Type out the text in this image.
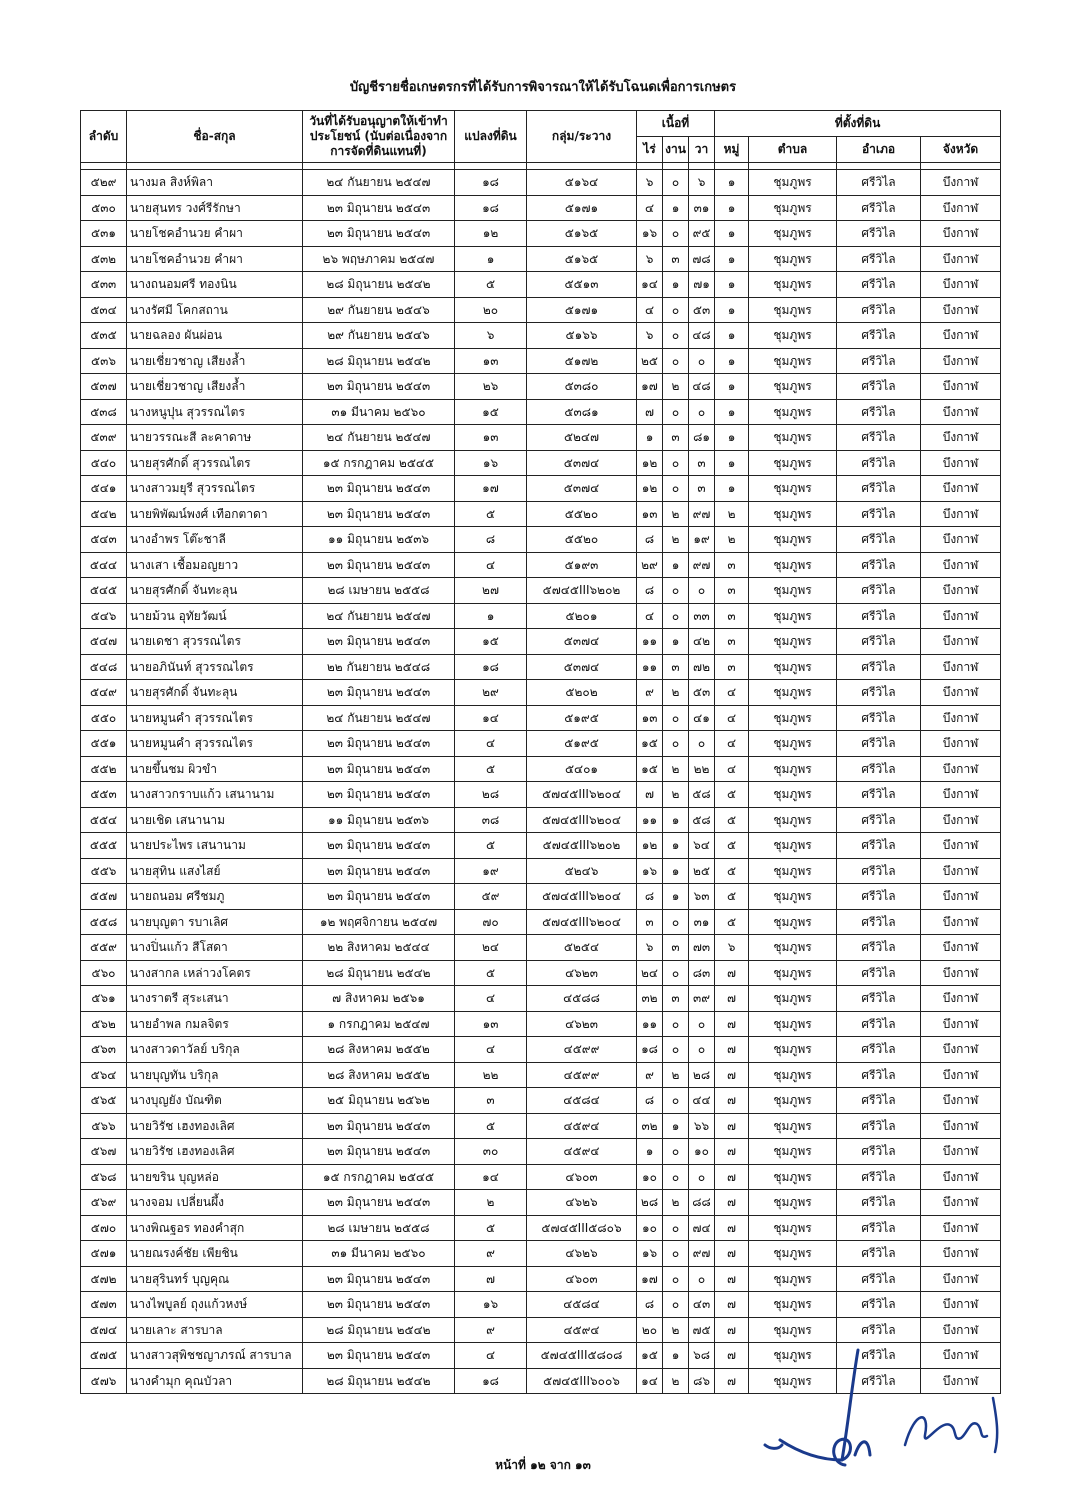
บัญชีรายชื่อเกษตรกรที่ได้รับการพิจารณาให้ได้รับโฉนดเพื่อการเกษตร
ลำดับ	ชื่อ-สกุล	วันที่ได้รับอนุญาตให้เข้าทำประโยชน์ (นับต่อเนื่องจากการจัดที่ดินแทนที่)	แปลงที่ดิน	กลุ่ม/ระวาง	เนื้อที่			ที่ตั้งที่ดิน			
					ไร่	งาน	วา	หมู่	ตำบล	อำเภอ	จังหวัด

๕๒๙	นางมล สิงห์พิลา	๒๔ กันยายน ๒๕๔๗	๑๘	๕๑๖๔	๖	๐	๖	๑	ชุมภูพร	ศรีวิไล	บึงกาฬ
๕๓๐	นายสุนทร วงศ์รีรักษา	๒๓ มิถุนายน ๒๕๔๓	๑๘	๕๑๗๑	๔	๑	๓๑	๑	ชุมภูพร	ศรีวิไล	บึงกาฬ
๕๓๑	นายโชคอำนวย คำผา	๒๓ มิถุนายน ๒๕๔๓	๑๒	๕๑๖๕	๑๖	๐	๙๕	๑	ชุมภูพร	ศรีวิไล	บึงกาฬ
๕๓๒	นายโชคอำนวย คำผา	๒๖ พฤษภาคม ๒๕๔๗	๑	๕๑๖๕	๖	๓	๗๘	๑	ชุมภูพร	ศรีวิไล	บึงกาฬ
๕๓๓	นางถนอมศรี ทองนิน	๒๘ มิถุนายน ๒๕๔๒	๕	๕๕๑๓	๑๔	๑	๗๑	๑	ชุมภูพร	ศรีวิไล	บึงกาฬ
๕๓๔	นางรัศมี โคกสถาน	๒๙ กันยายน ๒๕๔๖	๒๐	๕๑๗๑	๔	๐	๕๓	๑	ชุมภูพร	ศรีวิไล	บึงกาฬ
๕๓๕	นายฉลอง ผันผ่อน	๒๙ กันยายน ๒๕๔๖	๖	๕๑๖๖	๖	๐	๔๘	๑	ชุมภูพร	ศรีวิไล	บึงกาฬ
๕๓๖	นายเชี่ยวชาญ เสียงล้ำ	๒๘ มิถุนายน ๒๕๔๒	๑๓	๕๑๗๒	๒๕	๐	๐	๑	ชุมภูพร	ศรีวิไล	บึงกาฬ
๕๓๗	นายเชี่ยวชาญ เสียงล้ำ	๒๓ มิถุนายน ๒๕๔๓	๒๖	๕๓๘๐	๑๗	๒	๔๘	๑	ชุมภูพร	ศรีวิไล	บึงกาฬ
๕๓๘	นางหนูปุน สุวรรณไตร	๓๑ มีนาคม ๒๕๖๐	๑๕	๕๓๘๑	๗	๐	๐	๑	ชุมภูพร	ศรีวิไล	บึงกาฬ
๕๓๙	นายวรรณะสี ละคาดาษ	๒๔ กันยายน ๒๕๔๗	๑๓	๕๒๔๗	๑	๓	๘๑	๑	ชุมภูพร	ศรีวิไล	บึงกาฬ
๕๔๐	นายสุรศักดิ์ สุวรรณไตร	๑๕ กรกฎาคม ๒๕๔๕	๑๖	๕๓๗๔	๑๒	๐	๓	๑	ชุมภูพร	ศรีวิไล	บึงกาฬ
๕๔๑	นางสาวมยุรี สุวรรณไตร	๒๓ มิถุนายน ๒๕๔๓	๑๗	๕๓๗๔	๑๒	๐	๓	๑	ชุมภูพร	ศรีวิไล	บึงกาฬ
๕๔๒	นายพิพัฒน์พงศ์ เทือกตาดา	๒๓ มิถุนายน ๒๕๔๓	๕	๕๕๒๐	๑๓	๒	๙๗	๒	ชุมภูพร	ศรีวิไล	บึงกาฬ
๕๔๓	นางอำพร โต๊ะชาลี	๑๑ มิถุนายน ๒๕๓๖	๘	๕๕๒๐	๘	๒	๑๙	๒	ชุมภูพร	ศรีวิไล	บึงกาฬ
๕๔๔	นางเสา เชื้อมอญยาว	๒๓ มิถุนายน ๒๕๔๓	๔	๕๑๙๓	๒๙	๑	๙๗	๓	ชุมภูพร	ศรีวิไล	บึงกาฬ
๕๔๕	นายสุรศักดิ์ จันทะลุน	๒๘ เมษายน ๒๕๕๘	๒๗	๕๗๔๕III๖๒๐๒	๘	๐	๐	๓	ชุมภูพร	ศรีวิไล	บึงกาฬ
๕๔๖	นายม้วน อุทัยวัฒน์	๒๔ กันยายน ๒๕๔๗	๑	๕๒๐๑	๔	๐	๓๓	๓	ชุมภูพร	ศรีวิไล	บึงกาฬ
๕๔๗	นายเดชา สุวรรณไตร	๒๓ มิถุนายน ๒๕๔๓	๑๕	๕๓๗๔	๑๑	๑	๔๒	๓	ชุมภูพร	ศรีวิไล	บึงกาฬ
๕๔๘	นายอภินันท์ สุวรรณไตร	๒๒ กันยายน ๒๕๔๘	๑๘	๕๓๗๔	๑๑	๓	๗๒	๓	ชุมภูพร	ศรีวิไล	บึงกาฬ
๕๔๙	นายสุรศักดิ์ จันทะลุน	๒๓ มิถุนายน ๒๕๔๓	๒๙	๕๒๐๒	๙	๒	๕๓	๔	ชุมภูพร	ศรีวิไล	บึงกาฬ
๕๕๐	นายหมูนคำ สุวรรณไตร	๒๔ กันยายน ๒๕๔๗	๑๔	๕๑๙๕	๑๓	๐	๔๑	๔	ชุมภูพร	ศรีวิไล	บึงกาฬ
๕๕๑	นายหมูนคำ สุวรรณไตร	๒๓ มิถุนายน ๒๕๔๓	๔	๕๑๙๕	๑๕	๐	๐	๔	ชุมภูพร	ศรีวิไล	บึงกาฬ
๕๕๒	นายขึ้นชม ผิวขำ	๒๓ มิถุนายน ๒๕๔๓	๕	๕๔๐๑	๑๕	๒	๒๒	๔	ชุมภูพร	ศรีวิไล	บึงกาฬ
๕๕๓	นางสาวกราบแก้ว เสนานาม	๒๓ มิถุนายน ๒๕๔๓	๒๘	๕๗๔๕III๖๒๐๔	๗	๒	๕๘	๕	ชุมภูพร	ศรีวิไล	บึงกาฬ
๕๕๔	นายเชิด เสนานาม	๑๑ มิถุนายน ๒๕๓๖	๓๘	๕๗๔๕III๖๒๐๔	๑๑	๑	๕๘	๕	ชุมภูพร	ศรีวิไล	บึงกาฬ
๕๕๕	นายประไพร เสนานาม	๒๓ มิถุนายน ๒๕๔๓	๕	๕๗๔๕III๖๒๐๒	๑๒	๑	๖๔	๕	ชุมภูพร	ศรีวิไล	บึงกาฬ
๕๕๖	นายสุทิน แสงไสย์	๒๓ มิถุนายน ๒๕๔๓	๑๙	๕๒๔๖	๑๖	๑	๒๕	๕	ชุมภูพร	ศรีวิไล	บึงกาฬ
๕๕๗	นายถนอม ศรีชมภู	๒๓ มิถุนายน ๒๕๔๓	๕๙	๕๗๔๕III๖๒๐๔	๘	๑	๖๓	๕	ชุมภูพร	ศรีวิไล	บึงกาฬ
๕๕๘	นายบุญตา รบาเลิศ	๑๒ พฤศจิกายน ๒๕๔๗	๗๐	๕๗๔๕III๖๒๐๔	๓	๐	๓๑	๕	ชุมภูพร	ศรีวิไล	บึงกาฬ
๕๕๙	นางปิ่นแก้ว สีโสดา	๒๒ สิงหาคม ๒๕๔๔	๒๔	๕๒๕๔	๖	๓	๗๓	๖	ชุมภูพร	ศรีวิไล	บึงกาฬ
๕๖๐	นางสากล เหล่าวงโคตร	๒๘ มิถุนายน ๒๕๔๒	๕	๔๖๒๓	๒๔	๐	๘๓	๗	ชุมภูพร	ศรีวิไล	บึงกาฬ
๕๖๑	นางราตรี สุระเสนา	๗ สิงหาคม ๒๕๖๑	๔	๔๕๘๘	๓๒	๓	๓๙	๗	ชุมภูพร	ศรีวิไล	บึงกาฬ
๕๖๒	นายอำพล กมลจิตร	๑ กรกฎาคม ๒๕๔๗	๑๓	๔๖๒๓	๑๑	๐	๐	๗	ชุมภูพร	ศรีวิไล	บึงกาฬ
๕๖๓	นางสาวดาวัลย์ บริกุล	๒๘ สิงหาคม ๒๕๕๒	๔	๔๕๙๙	๑๘	๐	๐	๗	ชุมภูพร	ศรีวิไล	บึงกาฬ
๕๖๔	นายบุญทัน บริกุล	๒๘ สิงหาคม ๒๕๕๒	๒๒	๔๕๙๙	๙	๒	๒๘	๗	ชุมภูพร	ศรีวิไล	บึงกาฬ
๕๖๕	นางบุญยัง บัณฑิต	๒๕ มิถุนายน ๒๕๖๒	๓	๔๕๘๔	๘	๐	๔๔	๗	ชุมภูพร	ศรีวิไล	บึงกาฬ
๕๖๖	นายวิรัช เฮงทองเลิศ	๒๓ มิถุนายน ๒๕๔๓	๕	๔๕๙๔	๓๒	๑	๖๖	๗	ชุมภูพร	ศรีวิไล	บึงกาฬ
๕๖๗	นายวิรัช เฮงทองเลิศ	๒๓ มิถุนายน ๒๕๔๓	๓๐	๔๕๙๔	๑	๐	๑๐	๗	ชุมภูพร	ศรีวิไล	บึงกาฬ
๕๖๘	นายขริน บุญหล่อ	๑๕ กรกฎาคม ๒๕๔๕	๑๔	๔๖๐๓	๑๐	๐	๐	๗	ชุมภูพร	ศรีวิไล	บึงกาฬ
๕๖๙	นางจอม เปลี่ยนผึ้ง	๒๓ มิถุนายน ๒๕๔๓	๒	๔๖๒๖	๒๘	๒	๘๘	๗	ชุมภูพร	ศรีวิไล	บึงกาฬ
๕๗๐	นางพิณฐอร ทองคำสุก	๒๘ เมษายน ๒๕๕๘	๕	๕๗๔๕III๕๘๐๖	๑๐	๐	๗๔	๗	ชุมภูพร	ศรีวิไล	บึงกาฬ
๕๗๑	นายณรงค์ชัย เพียชิน	๓๑ มีนาคม ๒๕๖๐	๙	๔๖๒๖	๑๖	๐	๙๗	๗	ชุมภูพร	ศรีวิไล	บึงกาฬ
๕๗๒	นายสุรินทร์ บุญคุณ	๒๓ มิถุนายน ๒๕๔๓	๗	๔๖๐๓	๑๗	๐	๐	๗	ชุมภูพร	ศรีวิไล	บึงกาฬ
๕๗๓	นางไพบูลย์ ถุงแก้วหงษ์	๒๓ มิถุนายน ๒๕๔๓	๑๖	๔๕๘๔	๘	๐	๔๓	๗	ชุมภูพร	ศรีวิไล	บึงกาฬ
๕๗๔	นายเลาะ สารบาล	๒๘ มิถุนายน ๒๕๔๒	๙	๔๕๙๔	๒๐	๒	๗๕	๗	ชุมภูพร	ศรีวิไล	บึงกาฬ
๕๗๕	นางสาวสุพิชชญาภรณ์ สารบาล	๒๓ มิถุนายน ๒๕๔๓	๔	๕๗๔๕III๕๘๐๘	๑๕	๑	๖๘	๗	ชุมภูพร	ศรีวิไล	บึงกาฬ
๕๗๖	นางคำมุก คุณบัวลา	๒๘ มิถุนายน ๒๕๔๒	๑๘	๕๗๔๕III๖๐๐๖	๑๔	๒	๘๖	๗	ชุมภูพร	ศรีวิไล	บึงกาฬ
หน้าที่ ๑๒ จาก ๑๓
